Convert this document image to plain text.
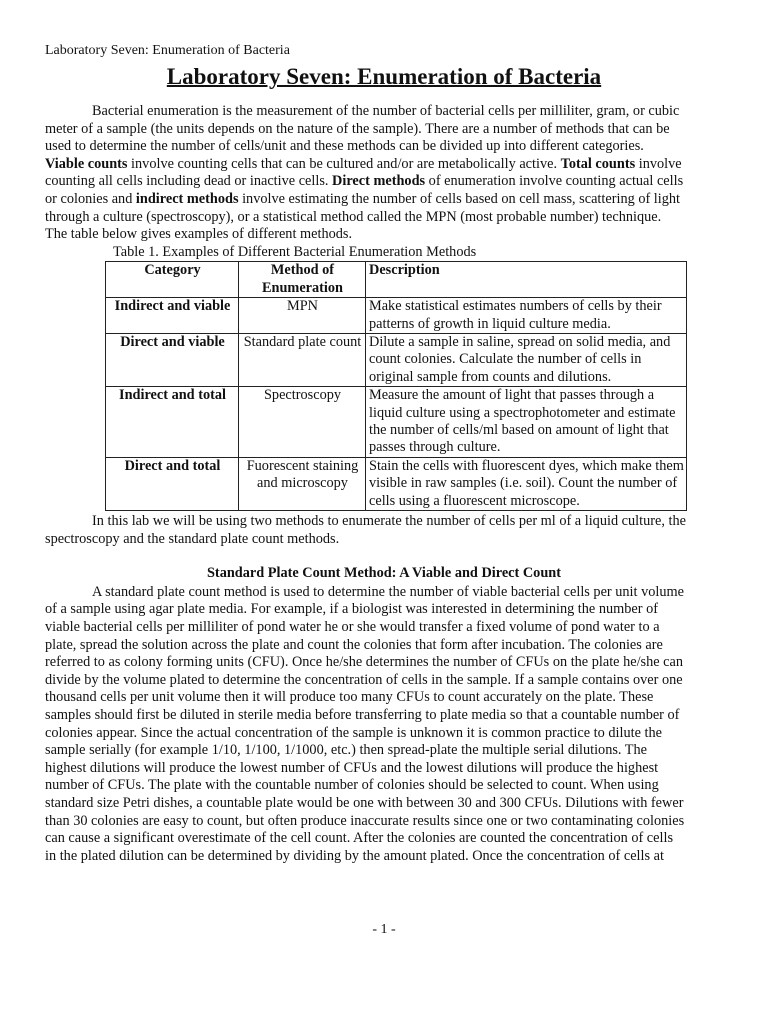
Laboratory Seven: Enumeration of Bacteria
Laboratory Seven: Enumeration of Bacteria
Bacterial enumeration is the measurement of the number of bacterial cells per milliliter, gram, or cubic
meter of a sample (the units depends on the nature of the sample). There are a number of methods that can be
used to determine the number of cells/unit and these methods can be divided up into different categories.
Viable counts involve counting cells that can be cultured and/or are metabolically active. Total counts involve
counting all cells including dead or inactive cells. Direct methods of enumeration involve counting actual cells
or colonies and indirect methods involve estimating the number of cells based on cell mass, scattering of light
through a culture (spectroscopy), or a statistical method called the MPN (most probable number) technique.
The table below gives examples of different methods.
Table 1. Examples of Different Bacterial Enumeration Methods
Category	Method of Enumeration	Description
Indirect and viable	MPN	Make statistical estimates numbers of cells by their patterns of growth in liquid culture media.
Direct and viable	Standard plate count	Dilute a sample in saline, spread on solid media, and count colonies. Calculate the number of cells in original sample from counts and dilutions.
Indirect and total	Spectroscopy	Measure the amount of light that passes through a liquid culture using a spectrophotometer and estimate the number of cells/ml based on amount of light that passes through culture.
Direct and total	Fuorescent staining and microscopy	Stain the cells with fluorescent dyes, which make them visible in raw samples (i.e. soil). Count the number of cells using a fluorescent microscope.
In this lab we will be using two methods to enumerate the number of cells per ml of a liquid culture, the
spectroscopy and the standard plate count methods.
Standard Plate Count Method: A Viable and Direct Count
A standard plate count method is used to determine the number of viable bacterial cells per unit volume
of a sample using agar plate media. For example, if a biologist was interested in determining the number of
viable bacterial cells per milliliter of pond water he or she would transfer a fixed volume of pond water to a
plate, spread the solution across the plate and count the colonies that form after incubation. The colonies are
referred to as colony forming units (CFU). Once he/she determines the number of CFUs on the plate he/she can
divide by the volume plated to determine the concentration of cells in the sample. If a sample contains over one
thousand cells per unit volume then it will produce too many CFUs to count accurately on the plate. These
samples should first be diluted in sterile media before transferring to plate media so that a countable number of
colonies appear. Since the actual concentration of the sample is unknown it is common practice to dilute the
sample serially (for example 1/10, 1/100, 1/1000, etc.) then spread-plate the multiple serial dilutions. The
highest dilutions will produce the lowest number of CFUs and the lowest dilutions will produce the highest
number of CFUs. The plate with the countable number of colonies should be selected to count. When using
standard size Petri dishes, a countable plate would be one with between 30 and 300 CFUs. Dilutions with fewer
than 30 colonies are easy to count, but often produce inaccurate results since one or two contaminating colonies
can cause a significant overestimate of the cell count. After the colonies are counted the concentration of cells
in the plated dilution can be determined by dividing by the amount plated. Once the concentration of cells at
- 1 -
